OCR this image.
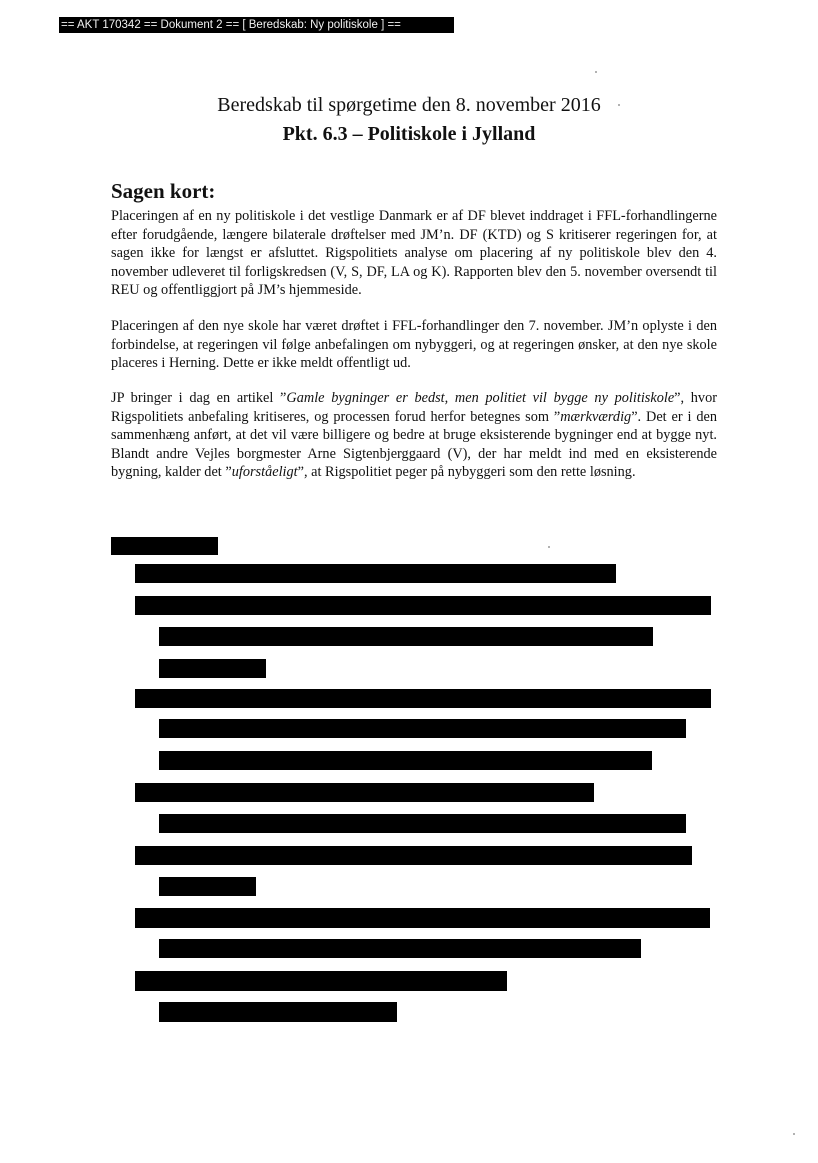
== AKT 170342 == Dokument 2 == [ Beredskab: Ny politiskole ] ==
Beredskab til spørgetime den 8. november 2016
Pkt. 6.3 – Politiskole i Jylland
Sagen kort:

Placeringen af en ny politiskole i det vestlige Danmark er af DF blevet inddraget i FFL-forhandlingerne efter forudgående, længere bilaterale drøftelser med JM’n. DF (KTD) og S kritiserer regeringen for, at sagen ikke for længst er afsluttet. Rigspolitiets analyse om placering af ny politiskole blev den 4. november udleveret til forligskredsen (V, S, DF, LA og K). Rapporten blev den 5. november oversendt til REU og offentliggjort på JM’s hjemmeside.

Placeringen af den nye skole har været drøftet i FFL-forhandlinger den 7. november. JM’n oplyste i den forbindelse, at regeringen vil følge anbefalingen om nybyggeri, og at regeringen ønsker, at den nye skole placeres i Herning. Dette er ikke meldt offentligt ud.

JP bringer i dag en artikel ”Gamle bygninger er bedst, men politiet vil bygge ny politiskole”, hvor Rigspolitiets anbefaling kritiseres, og processen forud herfor betegnes som ”mærkværdig”. Det er i den sammenhæng anført, at det vil være billigere og bedre at bruge eksisterende bygninger end at bygge nyt. Blandt andre Vejles borgmester Arne Sigtenbjerggaard (V), der har meldt ind med en eksisterende bygning, kalder det ”uforståeligt”, at Rigspolitiet peger på nybyggeri som den rette løsning.
